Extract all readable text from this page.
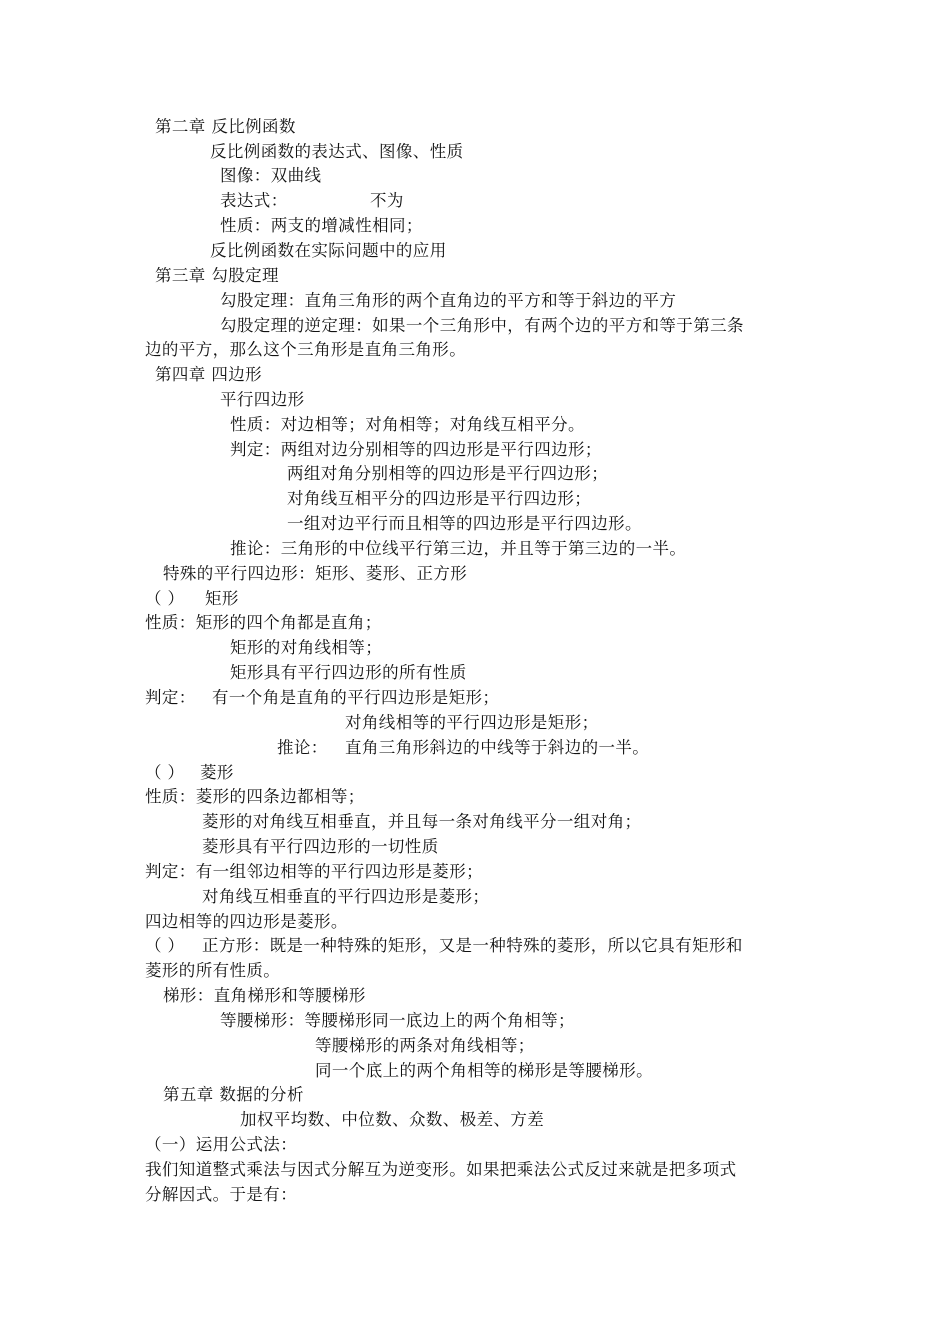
第二章 反比例函数
反比例函数的表达式、图像、性质
图像：双曲线
表达式：	不为
性质：两支的增减性相同；
反比例函数在实际问题中的应用
第三章 勾股定理
勾股定理：直角三角形的两个直角边的平方和等于斜边的平方
勾股定理的逆定理：如果一个三角形中，有两个边的平方和等于第三条
边的平方，那么这个三角形是直角三角形。
第四章 四边形
平行四边形
性质：对边相等；对角相等；对角线互相平分。
判定：两组对边分别相等的四边形是平行四边形；
两组对角分别相等的四边形是平行四边形；
对角线互相平分的四边形是平行四边形；
一组对边平行而且相等的四边形是平行四边形。
推论：三角形的中位线平行第三边，并且等于第三边的一半。
特殊的平行四边形：矩形、菱形、正方形
（ ） 矩形
性质：矩形的四个角都是直角；
矩形的对角线相等；
矩形具有平行四边形的所有性质
判定： 有一个角是直角的平行四边形是矩形；
对角线相等的平行四边形是矩形；
推论： 直角三角形斜边的中线等于斜边的一半。
（ ） 菱形
性质：菱形的四条边都相等；
菱形的对角线互相垂直，并且每一条对角线平分一组对角；
菱形具有平行四边形的一切性质
判定：有一组邻边相等的平行四边形是菱形；
对角线互相垂直的平行四边形是菱形；
四边相等的四边形是菱形。
（ ） 正方形：既是一种特殊的矩形，又是一种特殊的菱形，所以它具有矩形和
菱形的所有性质。
梯形：直角梯形和等腰梯形
等腰梯形：等腰梯形同一底边上的两个角相等；
等腰梯形的两条对角线相等；
同一个底上的两个角相等的梯形是等腰梯形。
第五章 数据的分析
加权平均数、中位数、众数、极差、方差
（一）运用公式法：
我们知道整式乘法与因式分解互为逆变形。如果把乘法公式反过来就是把多项式
分解因式。于是有：
